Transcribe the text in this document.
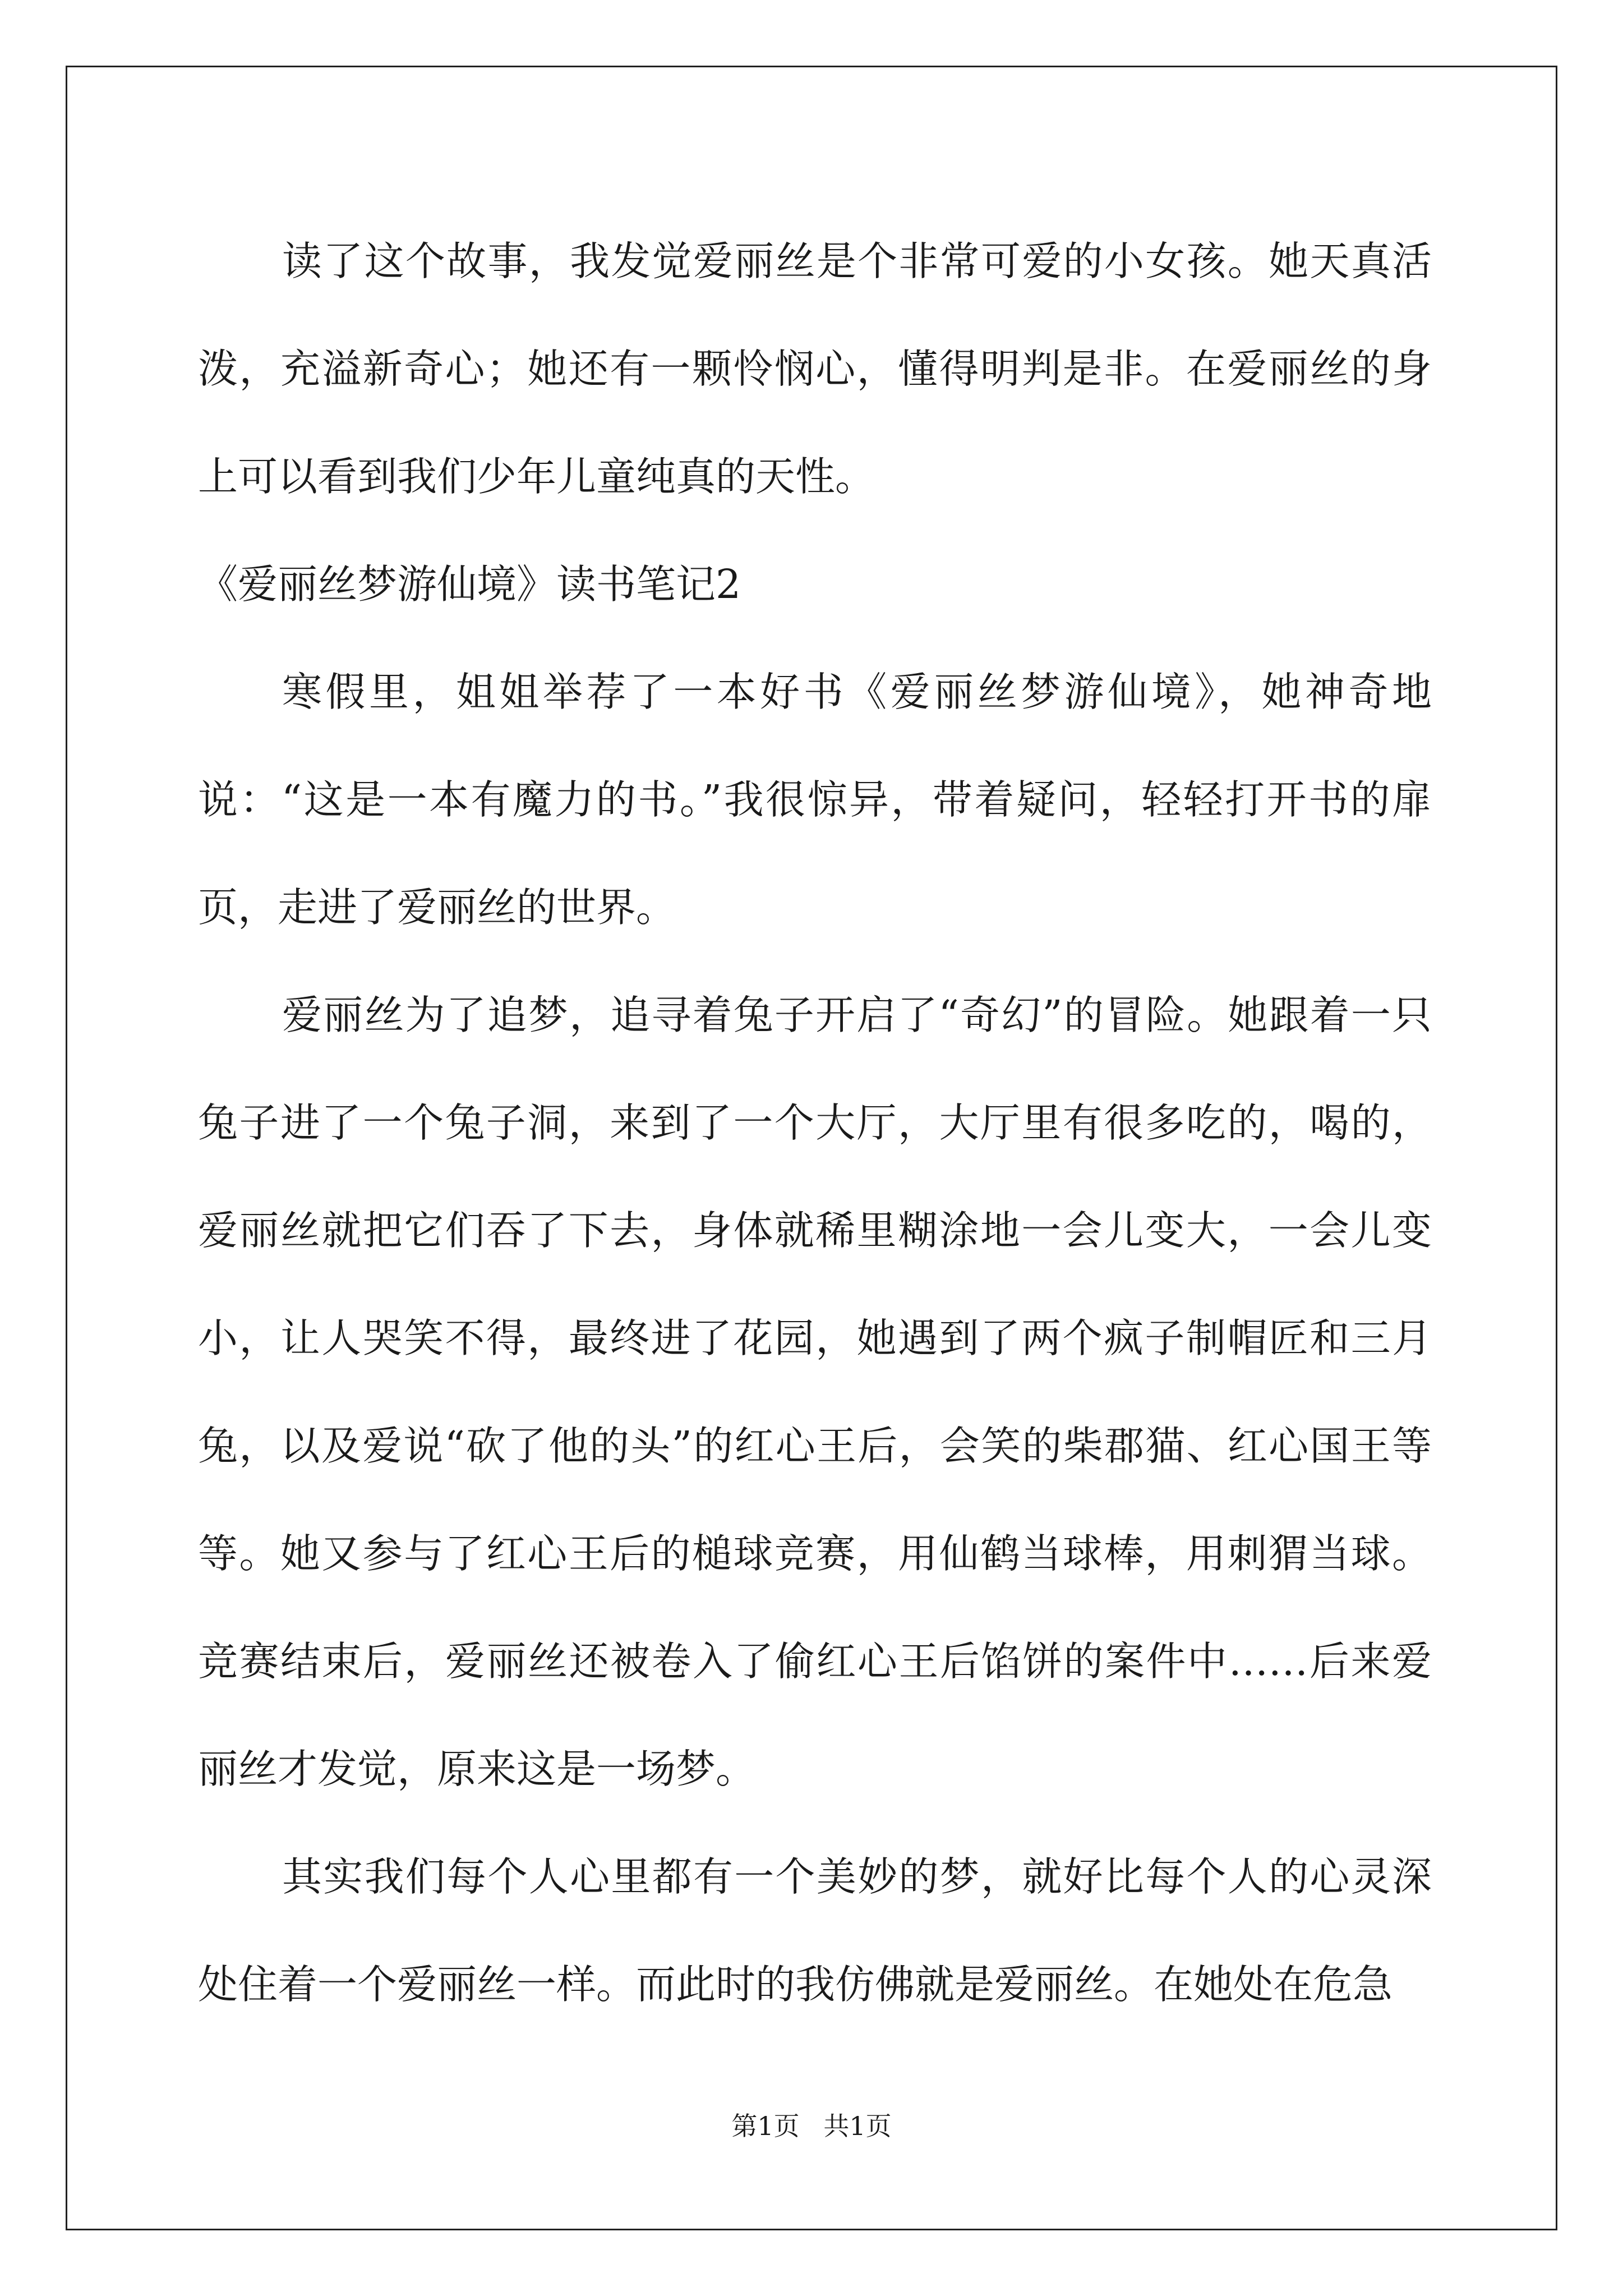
读了这个故事，我发觉爱丽丝是个非常可爱的小女孩。她天真活泼，充溢新奇心；她还有一颗怜悯心，懂得明判是非。在爱丽丝的身上可以看到我们少年儿童纯真的天性。

《爱丽丝梦游仙境》读书笔记2

寒假里，姐姐举荐了一本好书《爱丽丝梦游仙境》，她神奇地说：“这是一本有魔力的书。”我很惊异，带着疑问，轻轻打开书的扉页，走进了爱丽丝的世界。

爱丽丝为了追梦，追寻着兔子开启了“奇幻”的冒险。她跟着一只兔子进了一个兔子洞，来到了一个大厅，大厅里有很多吃的，喝的，爱丽丝就把它们吞了下去，身体就稀里糊涂地一会儿变大，一会儿变小，让人哭笑不得，最终进了花园，她遇到了两个疯子制帽匠和三月兔，以及爱说“砍了他的头”的红心王后，会笑的柴郡猫、红心国王等等。她又参与了红心王后的槌球竞赛，用仙鹤当球棒，用刺猬当球。竞赛结束后，爱丽丝还被卷入了偷红心王后馅饼的案件中……后来爱丽丝才发觉，原来这是一场梦。

其实我们每个人心里都有一个美妙的梦，就好比每个人的心灵深处住着一个爱丽丝一样。而此时的我仿佛就是爱丽丝。在她处在危急

第1页 共1页
